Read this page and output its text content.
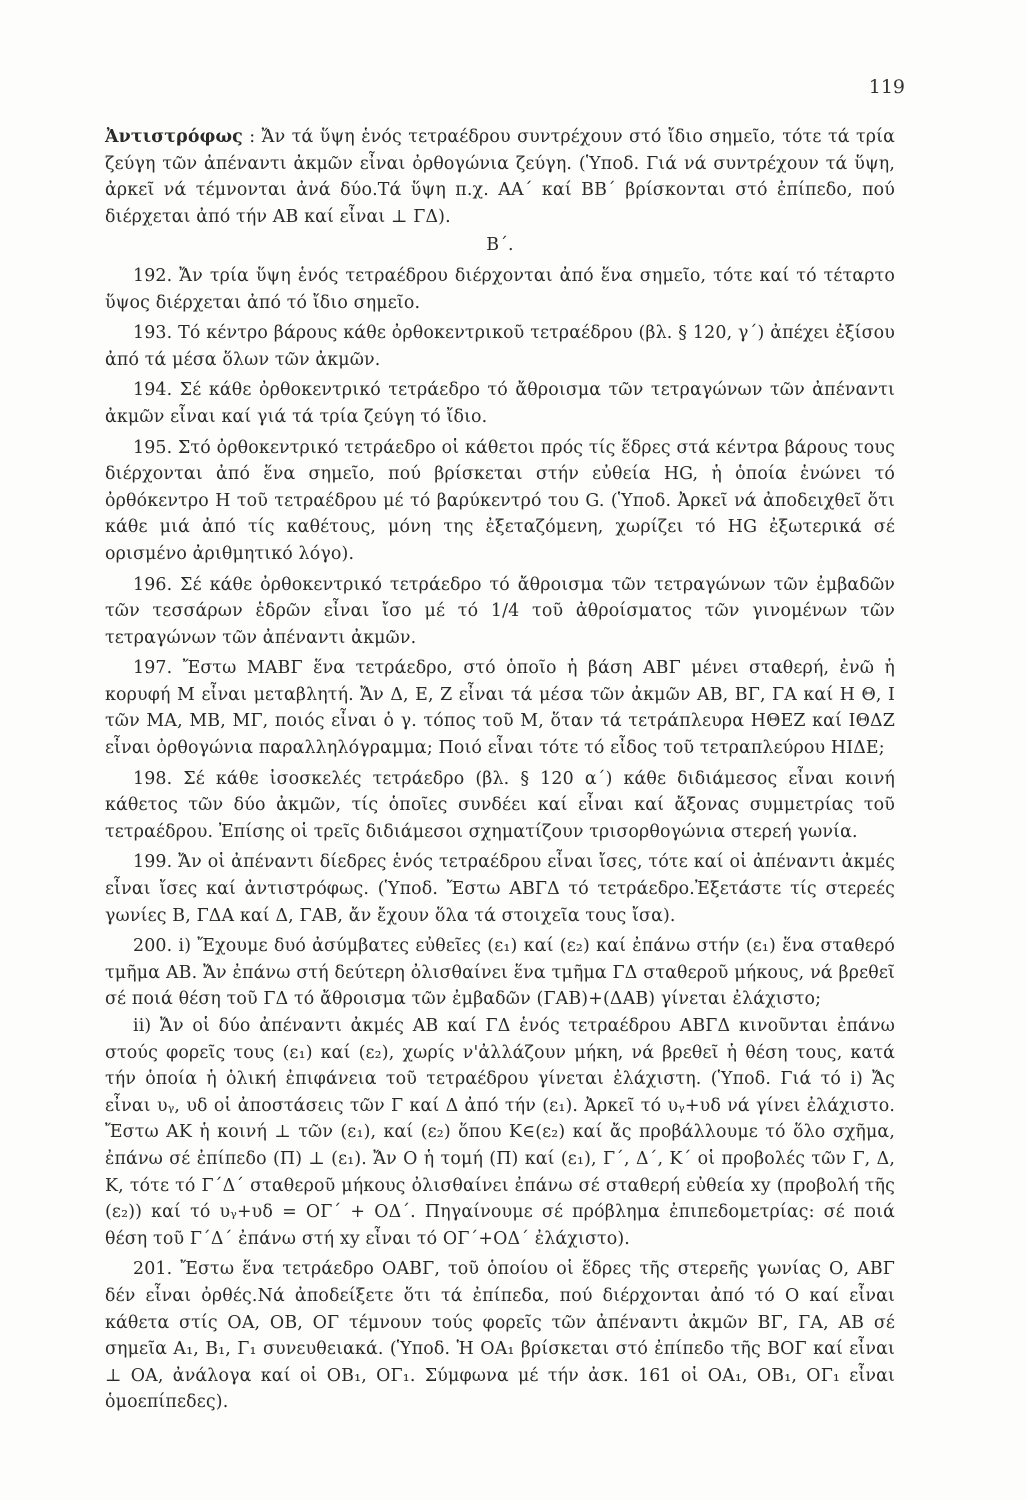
119

Ἀντιστρόφως : Ἄν τά ὕψη ἑνός τετραέδρου συντρέχουν στό ἴδιο σημεῖο, τότε τά τρία ζεύγη τῶν ἀπέναντι ἀκμῶν εἶναι ὀρθογώνια ζεύγη. (Ὑποδ. Γιά νά συντρέχουν τά ὕψη, ἀρκεῖ νά τέμνονται ἀνά δύο.Τά ὕψη π.χ. ΑΑ΄ καί ΒΒ΄ βρίσκονται στό ἐπίπεδο, πού διέρχεται ἀπό τήν ΑΒ καί εἶναι ⊥ ΓΔ).

Β΄.

192. Ἄν τρία ὕψη ἑνός τετραέδρου διέρχονται ἀπό ἕνα σημεῖο, τότε καί τό τέταρτο ὕψος διέρχεται ἀπό τό ἴδιο σημεῖο.

193. Τό κέντρο βάρους κάθε ὀρθοκεντρικοῦ τετραέδρου (βλ. § 120, γ΄) ἀπέχει ἐξίσου ἀπό τά μέσα ὅλων τῶν ἀκμῶν.

194. Σέ κάθε ὀρθοκεντρικό τετράεδρο τό ἄθροισμα τῶν τετραγώνων τῶν ἀπέναντι ἀκμῶν εἶναι καί γιά τά τρία ζεύγη τό ἴδιο.

195. Στό ὀρθοκεντρικό τετράεδρο οἱ κάθετοι πρός τίς ἕδρες στά κέντρα βάρους τους διέρχονται ἀπό ἕνα σημεῖο, πού βρίσκεται στήν εὐθεία HG, ἡ ὁποία ἑνώνει τό ὀρθόκεντρο Η τοῦ τετραέδρου μέ τό βαρύκεντρό του G. (Ὑποδ. Ἀρκεῖ νά ἀποδειχθεῖ ὅτι κάθε μιά ἀπό τίς καθέτους, μόνη της ἐξεταζόμενη, χωρίζει τό HG ἐξωτερικά σέ ορισμένο ἀριθμητικό λόγο).

196. Σέ κάθε ὀρθοκεντρικό τετράεδρο τό ἄθροισμα τῶν τετραγώνων τῶν ἐμβαδῶν τῶν τεσσάρων ἑδρῶν εἶναι ἴσο μέ τό 1/4 τοῦ ἀθροίσματος τῶν γινομένων τῶν τετραγώνων τῶν ἀπέναντι ἀκμῶν.

197. Ἔστω ΜΑΒΓ ἕνα τετράεδρο, στό ὁποῖο ἡ βάση ΑΒΓ μένει σταθερή, ἐνῶ ἡ κορυφή Μ εἶναι μεταβλητή. Ἄν Δ, Ε, Ζ εἶναι τά μέσα τῶν ἀκμῶν ΑΒ, ΒΓ, ΓΑ καί Η Θ, Ι τῶν ΜΑ, ΜΒ, ΜΓ, ποιός εἶναι ὁ γ. τόπος τοῦ Μ, ὅταν τά τετράπλευρα ΗΘΕΖ καί ΙΘΔΖ εἶναι ὀρθογώνια παραλληλόγραμμα; Ποιό εἶναι τότε τό εἶδος τοῦ τετραπλεύρου ΗΙΔΕ;

198. Σέ κάθε ἰσοσκελές τετράεδρο (βλ. § 120 α΄) κάθε διδιάμεσος εἶναι κοινή κάθετος τῶν δύο ἀκμῶν, τίς ὁποῖες συνδέει καί εἶναι καί ἄξονας συμμετρίας τοῦ τετραέδρου. Ἐπίσης οἱ τρεῖς διδιάμεσοι σχηματίζουν τρισορθογώνια στερεή γωνία.

199. Ἄν οἱ ἀπέναντι δίεδρες ἑνός τετραέδρου εἶναι ἴσες, τότε καί οἱ ἀπέναντι ἀκμές εἶναι ἴσες καί ἀντιστρόφως. (Ὑποδ. Ἔστω ΑΒΓΔ τό τετράεδρο.Ἐξετάστε τίς στερεές γωνίες Β, ΓΔΑ καί Δ, ΓΑΒ, ἄν ἔχουν ὅλα τά στοιχεῖα τους ἴσα).

200. i) Ἔχουμε δυό ἀσύμβατες εὐθεῖες (ε₁) καί (ε₂) καί ἐπάνω στήν (ε₁) ἕνα σταθερό τμῆμα ΑΒ. Ἄν ἐπάνω στή δεύτερη ὀλισθαίνει ἕνα τμῆμα ΓΔ σταθεροῦ μήκους, νά βρεθεῖ σέ ποιά θέση τοῦ ΓΔ τό ἄθροισμα τῶν ἐμβαδῶν (ΓΑΒ)+(ΔΑΒ) γίνεται ἐλάχιστο;

ii) Ἄν οἱ δύο ἀπέναντι ἀκμές ΑΒ καί ΓΔ ἑνός τετραέδρου ΑΒΓΔ κινοῦνται ἐπάνω στούς φορεῖς τους (ε₁) καί (ε₂), χωρίς ν'ἀλλάζουν μήκη, νά βρεθεῖ ἡ θέση τους, κατά τήν ὁποία ἡ ὁλική ἐπιφάνεια τοῦ τετραέδρου γίνεται ἐλάχιστη. (Ὑποδ. Γιά τό i) Ἄς εἶναι υᵧ, υδ οἱ ἀποστάσεις τῶν Γ καί Δ ἀπό τήν (ε₁). Ἀρκεῖ τό υᵧ+υδ νά γίνει ἐλάχιστο. Ἔστω ΑΚ ἡ κοινή ⊥ τῶν (ε₁), καί (ε₂) ὅπου Κ∈(ε₂) καί ἄς προβάλλουμε τό ὅλο σχῆμα, ἐπάνω σέ ἐπίπεδο (Π) ⊥ (ε₁). Ἄν Ο ἡ τομή (Π) καί (ε₁), Γ΄, Δ΄, Κ΄ οἱ προβολές τῶν Γ, Δ, Κ, τότε τό Γ΄Δ΄ σταθεροῦ μήκους ὀλισθαίνει ἐπάνω σέ σταθερή εὐθεία xy (προβολή τῆς (ε₂)) καί τό υᵧ+υδ = ΟΓ΄ + ΟΔ΄. Πηγαίνουμε σέ πρόβλημα ἐπιπεδομετρίας: σέ ποιά θέση τοῦ Γ΄Δ΄ ἐπάνω στή xy εἶναι τό ΟΓ΄+ΟΔ΄ ἐλάχιστο).

201. Ἔστω ἕνα τετράεδρο ΟΑΒΓ, τοῦ ὁποίου οἱ ἕδρες τῆς στερεῆς γωνίας Ο, ΑΒΓ δέν εἶναι ὀρθές.Νά ἀποδείξετε ὅτι τά ἐπίπεδα, πού διέρχονται ἀπό τό Ο καί εἶναι κάθετα στίς ΟΑ, ΟΒ, ΟΓ τέμνουν τούς φορεῖς τῶν ἀπέναντι ἀκμῶν ΒΓ, ΓΑ, ΑΒ σέ σημεῖα Α₁, Β₁, Γ₁ συνευθειακά. (Ὑποδ. Ἡ ΟΑ₁ βρίσκεται στό ἐπίπεδο τῆς ΒΟΓ καί εἶναι ⊥ ΟΑ, ἀνάλογα καί οἱ ΟΒ₁, ΟΓ₁. Σύμφωνα μέ τήν ἀσκ. 161 οἱ ΟΑ₁, ΟΒ₁, ΟΓ₁ εἶναι ὁμοεπίπεδες).
